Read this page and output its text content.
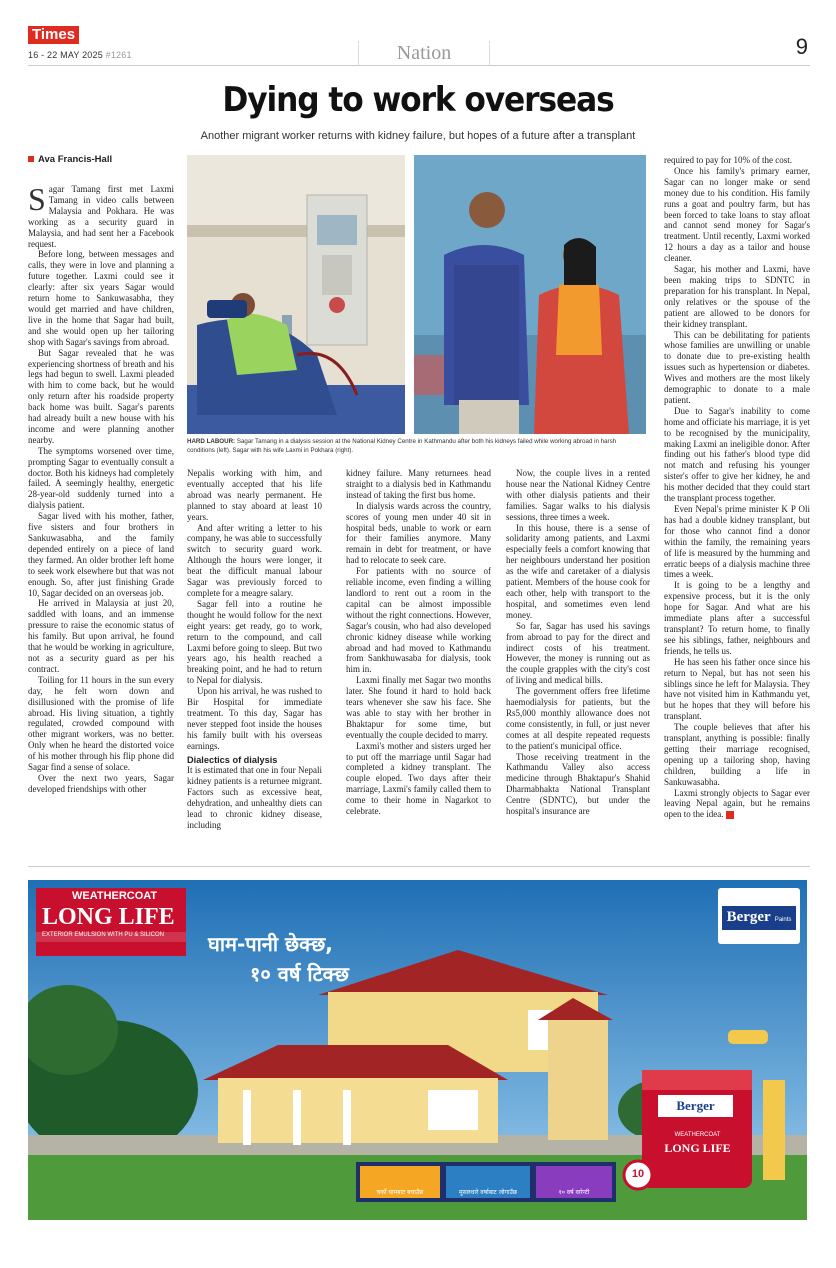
Times
16 - 22 MAY 2025 #1261	Nation	9
Dying to work overseas
Another migrant worker returns with kidney failure, but hopes of a future after a transplant
Ava Francis-Hall
HARD LABOUR: Sagar Tamang in a dialysis session at the National Kidney Centre in Kathmandu after both his kidneys failed while working abroad in harsh conditions (left). Sagar with his wife Laxmi in Pokhara (right).

Sagar Tamang first met Laxmi Tamang in video calls between Malaysia and Pokhara. He was working as a security guard in Malaysia, and had sent her a Facebook request.

Before long, between messages and calls, they were in love and planning a future together. Laxmi could see it clearly: after six years Sagar would return home to Sankuwasabha, they would get married and have children, live in the home that Sagar had built, and she would open up her tailoring shop with Sagar's savings from abroad.

But Sagar revealed that he was experiencing shortness of breath and his legs had begun to swell. Laxmi pleaded with him to come back, but he would only return after his roadside property back home was built. Sagar's parents had already built a new house with his income and were planning another nearby.

The symptoms worsened over time, prompting Sagar to eventually consult a doctor. Both his kidneys had completely failed. A seemingly healthy, energetic 28-year-old suddenly turned into a dialysis patient.

Sagar lived with his mother, father, five sisters and four brothers in Sankuwasabha, and the family depended entirely on a piece of land they farmed. An older brother left home to seek work elsewhere but that was not enough. So, after just finishing Grade 10, Sagar decided on an overseas job.

He arrived in Malaysia at just 20, saddled with loans, and an immense pressure to raise the economic status of his family. But upon arrival, he found that he would be working in agriculture, not as a security guard as per his contract.

Toiling for 11 hours in the sun every day, he felt worn down and disillusioned with the promise of life abroad. His living situation, a tightly regulated, crowded compound with other migrant workers, was no better. Only when he heard the distorted voice of his mother through his flip phone did Sagar find a sense of solace.

Over the next two years, Sagar developed friendships with other

Nepalis working with him, and eventually accepted that his life abroad was nearly permanent. He planned to stay aboard at least 10 years.

And after writing a letter to his company, he was able to successfully switch to security guard work. Although the hours were longer, it beat the difficult manual labour Sagar was previously forced to complete for a meagre salary.

Sagar fell into a routine he thought he would follow for the next eight years: get ready, go to work, return to the compound, and call Laxmi before going to sleep. But two years ago, his health reached a breaking point, and he had to return to Nepal for dialysis.

Upon his arrival, he was rushed to Bir Hospital for immediate treatment. To this day, Sagar has never stepped foot inside the houses his family built with his overseas earnings.

Dialectics of dialysis

It is estimated that one in four Nepali kidney patients is a returnee migrant. Factors such as excessive heat, dehydration, and unhealthy diets can lead to chronic kidney disease, including

kidney failure. Many returnees head straight to a dialysis bed in Kathmandu instead of taking the first bus home.

In dialysis wards across the country, scores of young men under 40 sit in hospital beds, unable to work or earn for their families anymore. Many remain in debt for treatment, or have had to relocate to seek care.

For patients with no source of reliable income, even finding a willing landlord to rent out a room in the capital can be almost impossible without the right connections. However, Sagar's cousin, who had also developed chronic kidney disease while working abroad and had moved to Kathmandu from Sankhuwasaba for dialysis, took him in.

Laxmi finally met Sagar two months later. She found it hard to hold back tears whenever she saw his face. She was able to stay with her brother in Bhaktapur for some time, but eventually the couple decided to marry.

Laxmi's mother and sisters urged her to put off the marriage until Sagar had completed a kidney transplant. The couple eloped. Two days after their marriage, Laxmi's family called them to come to their home in Nagarkot to celebrate.

Now, the couple lives in a rented house near the National Kidney Centre with other dialysis patients and their families. Sagar walks to his dialysis sessions, three times a week.

In this house, there is a sense of solidarity among patients, and Laxmi especially feels a comfort knowing that her neighbours understand her position as the wife and caretaker of a dialysis patient. Members of the house cook for each other, help with transport to the hospital, and sometimes even lend money.

So far, Sagar has used his savings from abroad to pay for the direct and indirect costs of his treatment. However, the money is running out as the couple grapples with the city's cost of living and medical bills.

The government offers free lifetime haemodialysis for patients, but the Rs5,000 monthly allowance does not come consistently, in full, or just never comes at all despite repeated requests to the patient's municipal office.

Those receiving treatment in the Kathmandu Valley also access medicine through Bhaktapur's Shahid Dharmabhakta National Transplant Centre (SDNTC), but under the hospital's insurance are

required to pay for 10% of the cost.

Once his family's primary earner, Sagar can no longer make or send money due to his condition. His family runs a goat and poultry farm, but has been forced to take loans to stay afloat and cannot send money for Sagar's treatment. Until recently, Laxmi worked 12 hours a day as a tailor and house cleaner.

Sagar, his mother and Laxmi, have been making trips to SDNTC in preparation for his transplant. In Nepal, only relatives or the spouse of the patient are allowed to be donors for their kidney transplant.

This can be debilitating for patients whose families are unwilling or unable to donate due to pre-existing health issues such as hypertension or diabetes. Wives and mothers are the most likely demographic to donate to a male patient.

Due to Sagar's inability to come home and officiate his marriage, it is yet to be recognised by the municipality, making Laxmi an ineligible donor. After finding out his father's blood type did not match and refusing his younger sister's offer to give her kidney, he and his mother decided that they could start the transplant process together.

Even Nepal's prime minister K P Oli has had a double kidney transplant, but for those who cannot find a donor within the family, the remaining years of life is measured by the humming and erratic beeps of a dialysis machine three times a week.

It is going to be a lengthy and expensive process, but it is the only hope for Sagar. And what are his immediate plans after a successful transplant? To return home, to finally see his siblings, father, neighbours and friends, he tells us.

He has seen his father once since his return to Nepal, but has not seen his siblings since he left for Malaysia. They have not visited him in Kathmandu yet, but he hopes that they will before his transplant.

The couple believes that after his transplant, anything is possible: finally getting their marriage recognised, opening up a tailoring shop, having children, building a life in Sankuwasabha.

Laxmi strongly objects to Sagar ever leaving Nepal again, but he remains open to the idea.

WEATHERCOAT
LONG LIFE
EXTERIOR EMULSION WITH PU & SILICON घाम-पानी छेक्छ,
१० वर्ष टिक्छ
Berger Paints
Berger
WEATHERCOAT
LONG LIFE
चर्को घामबाट बचाउँछ	मुसलधारे वर्षाबाट जोगाउँछ	१० वर्ष वारेन्टी
10
